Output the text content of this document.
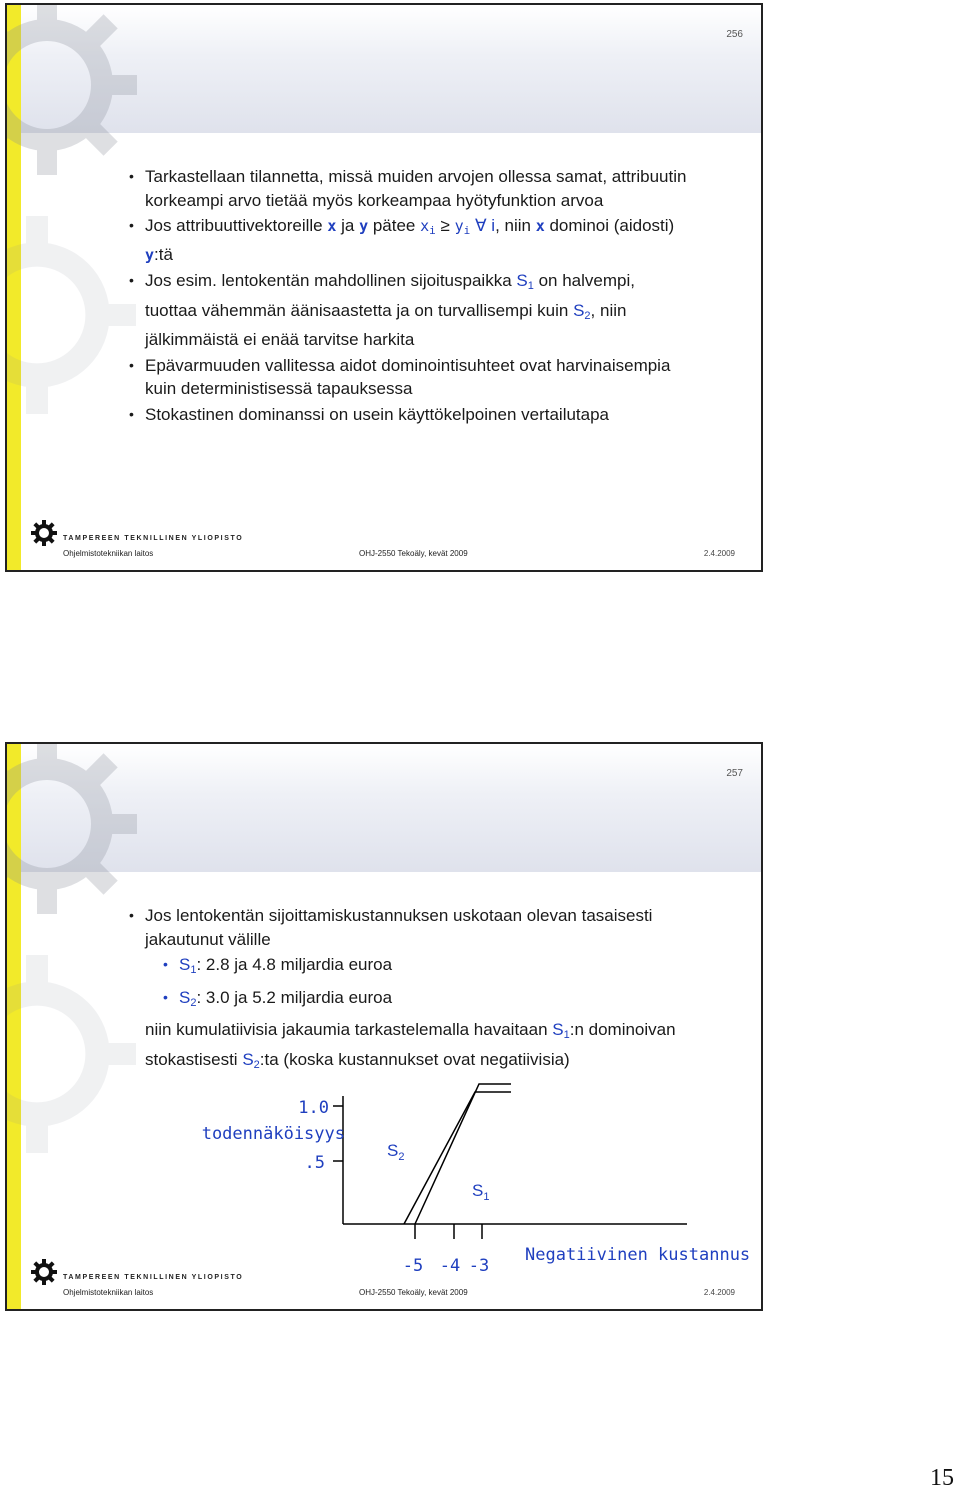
256
• Tarkastellaan tilannetta, missä muiden arvojen ollessa samat, attribuutin korkeampi arvo tietää myös korkeampaa hyötyfunktion arvoa
• Jos attribuuttivektoreille x ja y pätee $x_i \ge y_i$ ∀ i, niin x dominoi (aidosti) y:tä
• Jos esim. lentokentän mahdollinen sijoituspaikka $S_1$ on halvempi, tuottaa vähemmän äänisaastetta ja on turvallisempi kuin $S_2$, niin jälkimmäistä ei enää tarvitse harkita
• Epävarmuuden vallitessa aidot dominointisuhteet ovat harvinaisempia kuin deterministisessä tapauksessa
• Stokastinen dominanssi on usein käyttökelpoinen vertailutapa
TAMPEREEN TEKNILLINEN YLIOPISTO
Ohjelmistotekniikan laitos	OHJ-2550 Tekoäly, kevät 2009	2.4.2009
257
• Jos lentokentän sijoittamiskustannuksen uskotaan olevan tasaisesti jakautunut välille
• $S_1$: 2.8 ja 4.8 miljardia euroa
• $S_2$: 3.0 ja 5.2 miljardia euroa
niin kumulatiivisia jakaumia tarkastelemalla havaitaan $S_1:n$ dominoivan stokastisesti $S_2:ta$ (koska kustannukset ovat negatiivisia)
1.0
todennäköisyys
.5
$S_2$
$S_1$
-5 -4 -3
Negatiivinen kustannus
TAMPEREEN TEKNILLINEN YLIOPISTO
Ohjelmistotekniikan laitos	OHJ-2550 Tekoäly, kevät 2009	2.4.2009
15
